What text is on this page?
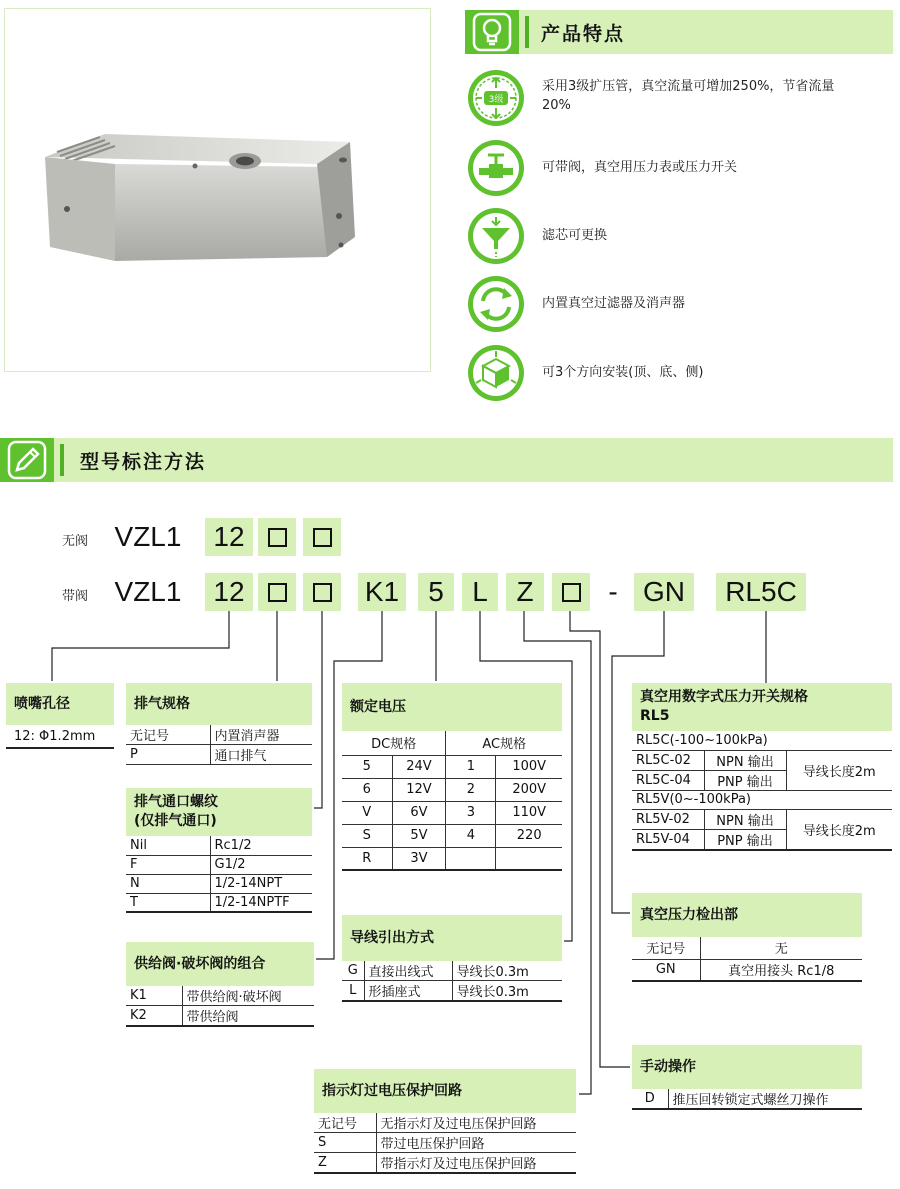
产品特点
3级
采用3级扩压管，真空流量可增加250%，节省流量20%
可带阀，真空用压力表或压力开关
滤芯可更换
内置真空过滤器及消声器
可3个方向安装(顶、底、侧)
型号标注方法
无阀 VZL1	12
带阀 VZL1	12	K1	5	L	Z	- GN	RL5C
喷嘴孔径
12: Φ1.2mm
排气规格
无记号	内置消声器
P	通口排气
排气通口螺纹
(仅排气通口)
Nil	Rc1/2
F	G1/2
N	1/2-14NPT
T	1/2-14NPTF
供给阀·破坏阀的组合
K1	带供给阀·破坏阀
K2	带供给阀
额定电压
DC规格		AC规格	
5	24V	1	100V
6	12V	2	200V
V	6V	3	110V
S	5V	4	220
R	3V		
导线引出方式
G	直接出线式	导线长0.3m
L	形插座式	导线长0.3m
指示灯过电压保护回路
无记号	无指示灯及过电压保护回路
S	带过电压保护回路
Z	带指示灯及过电压保护回路
真空用数字式压力开关规格
RL5
RL5C(-100~100kPa)		
RL5C-02	NPN 输出	导线长度2m
RL5C-04	PNP 输出	
RL5V(0~-100kPa)		
RL5V-02	NPN 输出	导线长度2m
RL5V-04	PNP 输出	
真空压力检出部
无记号	无
GN	真空用接头 Rc1/8
手动操作
D	推压回转锁定式螺丝刀操作
